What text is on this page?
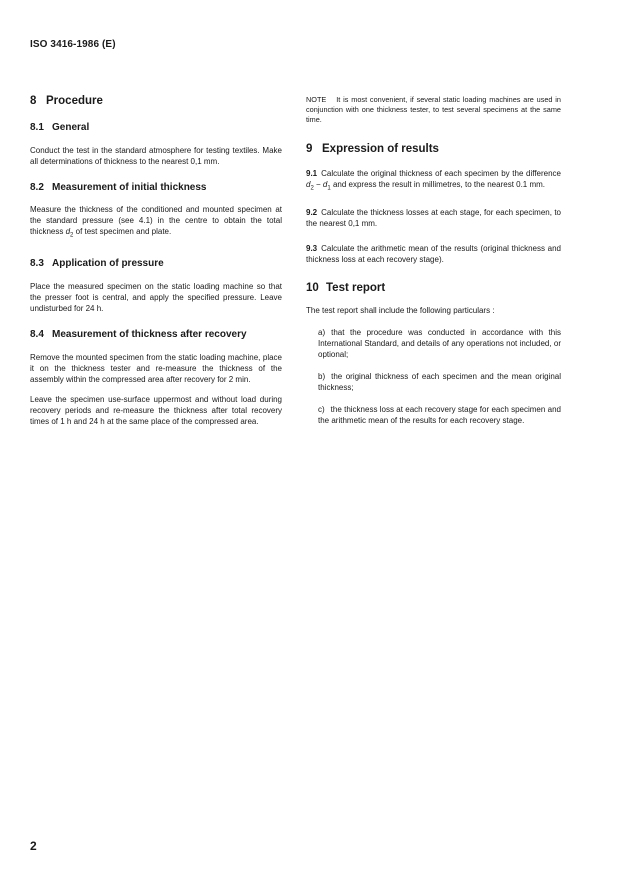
ISO 3416-1986 (E)
8 Procedure
8.1 General

Conduct the test in the standard atmosphere for testing textiles. Make all determinations of thickness to the nearest 0,1 mm.

8.2 Measurement of initial thickness

Measure the thickness of the conditioned and mounted specimen at the standard pressure (see 4.1) in the centre to obtain the total thickness $d_2$ of test specimen and plate.

8.3 Application of pressure

Place the measured specimen on the static loading machine so that the presser foot is central, and apply the specified pressure. Leave undisturbed for 24 h.

8.4 Measurement of thickness after recovery

Remove the mounted specimen from the static loading machine, place it on the thickness tester and re-measure the thickness of the assembly within the compressed area after recovery for 2 min.

Leave the specimen use-surface uppermost and without load during recovery periods and re-measure the thickness after total recovery times of 1 h and 24 h at the same place of the compressed area.

NOTE It is most convenient, if several static loading machines are used in conjunction with one thickness tester, to test several specimens at the same time.

9 Expression of results

9.1 Calculate the original thickness of each specimen by the difference $d_2 - d_1$ and express the result in millimetres, to the nearest 0.1 mm.

9.2 Calculate the thickness losses at each stage, for each specimen, to the nearest 0,1 mm.

9.3 Calculate the arithmetic mean of the results (original thickness and thickness loss at each recovery stage).

10 Test report

The test report shall include the following particulars :

a) that the procedure was conducted in accordance with this International Standard, and details of any operations not included, or optional;

b) the original thickness of each specimen and the mean original thickness;

c) the thickness loss at each recovery stage for each specimen and the arithmetic mean of the results for each recovery stage.

2
